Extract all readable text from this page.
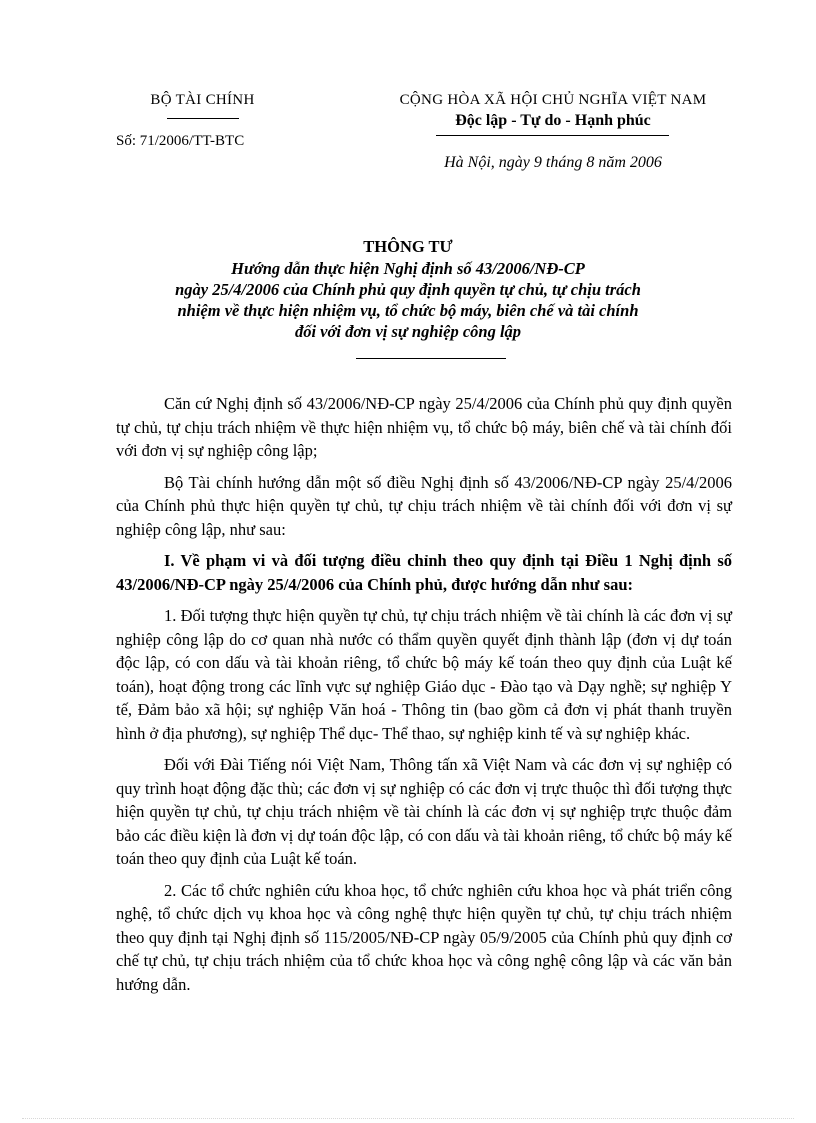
BỘ TÀI CHÍNH
Số: 71/2006/TT-BTC
CỘNG HÒA XÃ HỘI CHỦ NGHĨA VIỆT NAM
Độc lập - Tự do - Hạnh phúc
Hà Nội, ngày 9 tháng 8 năm 2006
THÔNG TƯ
Hướng dẫn thực hiện Nghị định số 43/2006/NĐ-CP
ngày 25/4/2006 của Chính phủ quy định quyền tự chủ, tự chịu trách
nhiệm về thực hiện nhiệm vụ, tổ chức bộ máy, biên chế và tài chính
đối với đơn vị sự nghiệp công lập

Căn cứ Nghị định số 43/2006/NĐ-CP ngày 25/4/2006 của Chính phủ quy định quyền tự chủ, tự chịu trách nhiệm về thực hiện nhiệm vụ, tổ chức bộ máy, biên chế và tài chính đối với đơn vị sự nghiệp công lập;

Bộ Tài chính hướng dẫn một số điều Nghị định số 43/2006/NĐ-CP ngày 25/4/2006 của Chính phủ thực hiện quyền tự chủ, tự chịu trách nhiệm về tài chính đối với đơn vị sự nghiệp công lập, như sau:

I. Về phạm vi và đối tượng điều chỉnh theo quy định tại Điều 1 Nghị định số 43/2006/NĐ-CP ngày 25/4/2006 của Chính phủ, được hướng dẫn như sau:

1. Đối tượng thực hiện quyền tự chủ, tự chịu trách nhiệm về tài chính là các đơn vị sự nghiệp công lập do cơ quan nhà nước có thẩm quyền quyết định thành lập (đơn vị dự toán độc lập, có con dấu và tài khoản riêng, tổ chức bộ máy kế toán theo quy định của Luật kế toán), hoạt động trong các lĩnh vực sự nghiệp Giáo dục - Đào tạo và Dạy nghề; sự nghiệp Y tế, Đảm bảo xã hội; sự nghiệp Văn hoá - Thông tin (bao gồm cả đơn vị phát thanh truyền hình ở địa phương), sự nghiệp Thể dục- Thể thao, sự nghiệp kinh tế và sự nghiệp khác.

Đối với Đài Tiếng nói Việt Nam, Thông tấn xã Việt Nam và các đơn vị sự nghiệp có quy trình hoạt động đặc thù; các đơn vị sự nghiệp có các đơn vị trực thuộc thì đối tượng thực hiện quyền tự chủ, tự chịu trách nhiệm về tài chính là các đơn vị sự nghiệp trực thuộc đảm bảo các điều kiện là đơn vị dự toán độc lập, có con dấu và tài khoản riêng, tổ chức bộ máy kế toán theo quy định của Luật kế toán.

2. Các tổ chức nghiên cứu khoa học, tổ chức nghiên cứu khoa học và phát triển công nghệ, tổ chức dịch vụ khoa học và công nghệ thực hiện quyền tự chủ, tự chịu trách nhiệm theo quy định tại Nghị định số 115/2005/NĐ-CP ngày 05/9/2005 của Chính phủ quy định cơ chế tự chủ, tự chịu trách nhiệm của tổ chức khoa học và công nghệ công lập và các văn bản hướng dẫn.
